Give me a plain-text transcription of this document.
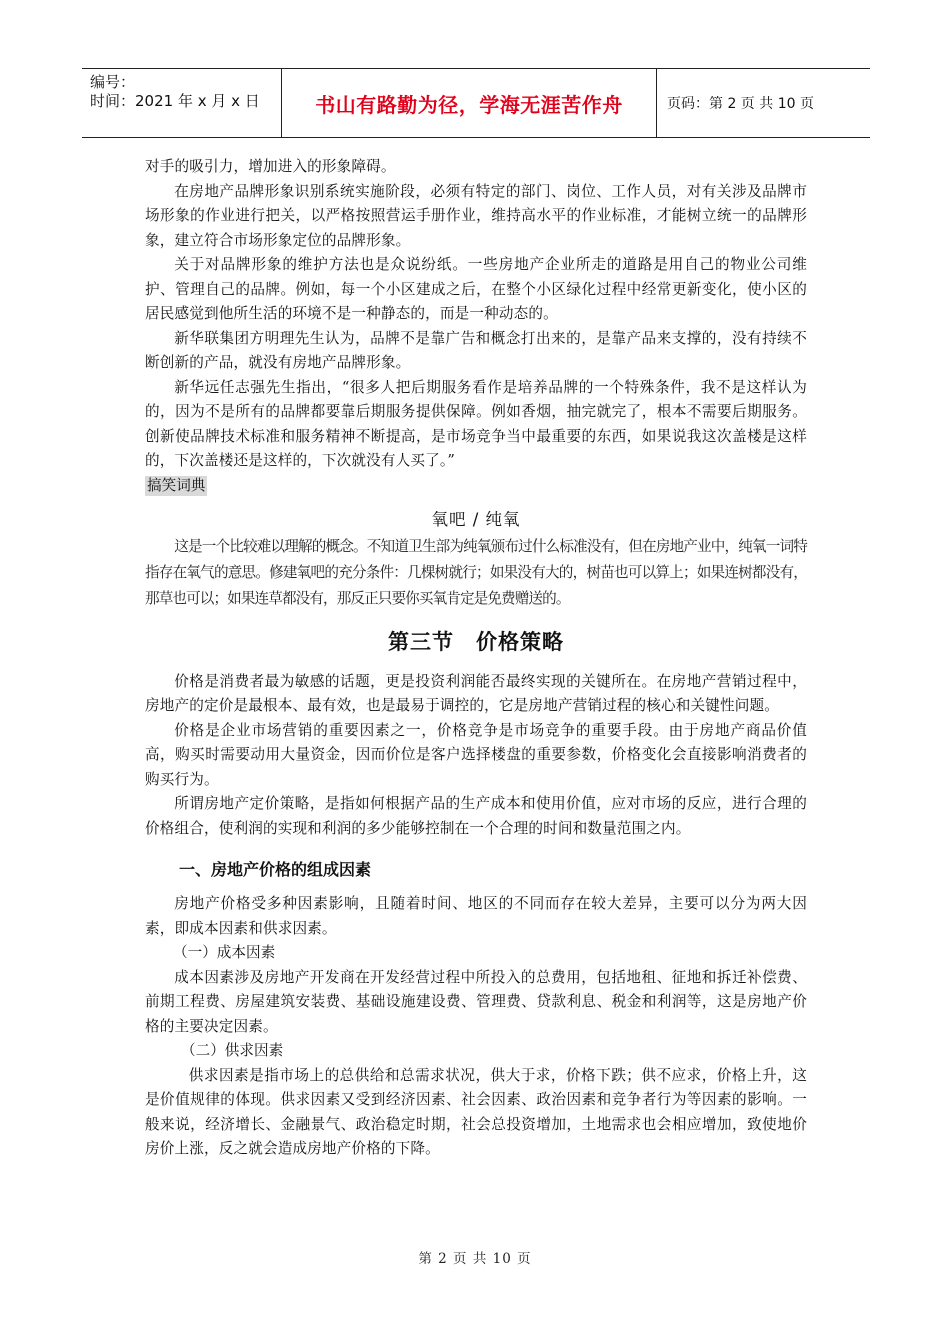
编号：
时间：2021 年 x 月 x 日	书山有路勤为径，学海无涯苦作舟	页码：第 2 页 共 10 页

对手的吸引力，增加进入的形象障碍。

在房地产品牌形象识别系统实施阶段，必须有特定的部门、岗位、工作人员，对有关涉及品牌市场形象的作业进行把关，以严格按照营运手册作业，维持高水平的作业标准，才能树立统一的品牌形象，建立符合市场形象定位的品牌形象。

关于对品牌形象的维护方法也是众说纷纸。一些房地产企业所走的道路是用自己的物业公司维护、管理自己的品牌。例如，每一个小区建成之后，在整个小区绿化过程中经常更新变化，使小区的居民感觉到他所生活的环境不是一种静态的，而是一种动态的。

新华联集团方明理先生认为，品牌不是靠广告和概念打出来的，是靠产品来支撑的，没有持续不断创新的产品，就没有房地产品牌形象。

新华远任志强先生指出，“很多人把后期服务看作是培养品牌的一个特殊条件，我不是这样认为的，因为不是所有的品牌都要靠后期服务提供保障。例如香烟，抽完就完了，根本不需要后期服务。创新使品牌技术标准和服务精神不断提高，是市场竞争当中最重要的东西，如果说我这次盖楼是这样的，下次盖楼还是这样的，下次就没有人买了。”

搞笑词典
氧吧 / 纯氧

这是一个比较难以理解的概念。不知道卫生部为纯氧颁布过什么标准没有，但在房地产业中，纯氧一词特指存在氧气的意思。修建氧吧的充分条件：几棵树就行；如果没有大的，树苗也可以算上；如果连树都没有，那草也可以；如果连草都没有，那反正只要你买氧肯定是免费赠送的。

第三节 价格策略

价格是消费者最为敏感的话题，更是投资利润能否最终实现的关键所在。在房地产营销过程中，房地产的定价是最根本、最有效，也是最易于调控的，它是房地产营销过程的核心和关键性问题。

价格是企业市场营销的重要因素之一，价格竞争是市场竞争的重要手段。由于房地产商品价值高，购买时需要动用大量资金，因而价位是客户选择楼盘的重要参数，价格变化会直接影响消费者的购买行为。

所谓房地产定价策略，是指如何根据产品的生产成本和使用价值，应对市场的反应，进行合理的价格组合，使利润的实现和利润的多少能够控制在一个合理的时间和数量范围之内。

一、房地产价格的组成因素

房地产价格受多种因素影响，且随着时间、地区的不同而存在较大差异，主要可以分为两大因素，即成本因素和供求因素。

（一）成本因素

成本因素涉及房地产开发商在开发经营过程中所投入的总费用，包括地租、征地和拆迁补偿费、前期工程费、房屋建筑安装费、基础设施建设费、管理费、贷款利息、税金和利润等，这是房地产价格的主要决定因素。

（二）供求因素

供求因素是指市场上的总供给和总需求状况，供大于求，价格下跌；供不应求，价格上升，这是价值规律的体现。供求因素又受到经济因素、社会因素、政治因素和竞争者行为等因素的影响。一般来说，经济增长、金融景气、政治稳定时期，社会总投资增加，土地需求也会相应增加，致使地价房价上涨，反之就会造成房地产价格的下降。

第 2 页 共 10 页
